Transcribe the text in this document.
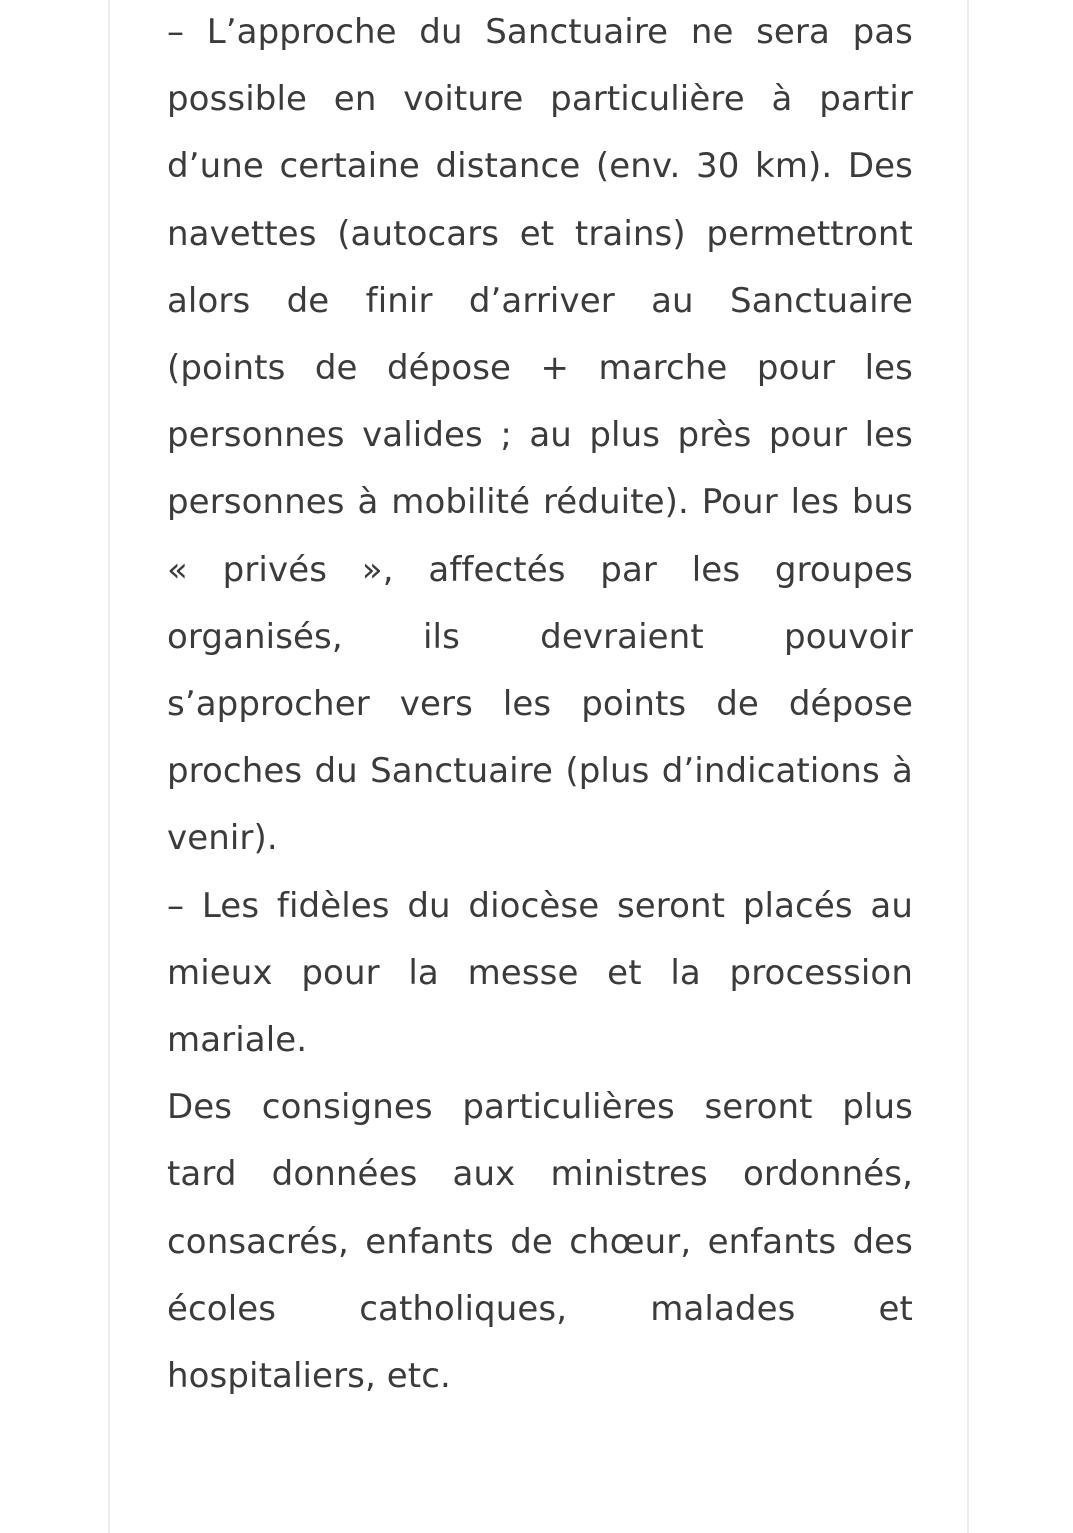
– L’approche du Sanctuaire ne sera pas possible en voiture particulière à partir d’une certaine distance (env. 30 km). Des navettes (autocars et trains) permettront alors de finir d’arriver au Sanctuaire (points de dépose + marche pour les personnes valides ; au plus près pour les personnes à mobilité réduite). Pour les bus « privés », affectés par les groupes organisés, ils devraient pouvoir s’approcher vers les points de dépose proches du Sanctuaire (plus d’indications à venir).

– Les fidèles du diocèse seront placés au mieux pour la messe et la procession mariale.

Des consignes particulières seront plus tard données aux ministres ordonnés, consacrés, enfants de chœur, enfants des écoles catholiques, malades et hospitaliers, etc.
